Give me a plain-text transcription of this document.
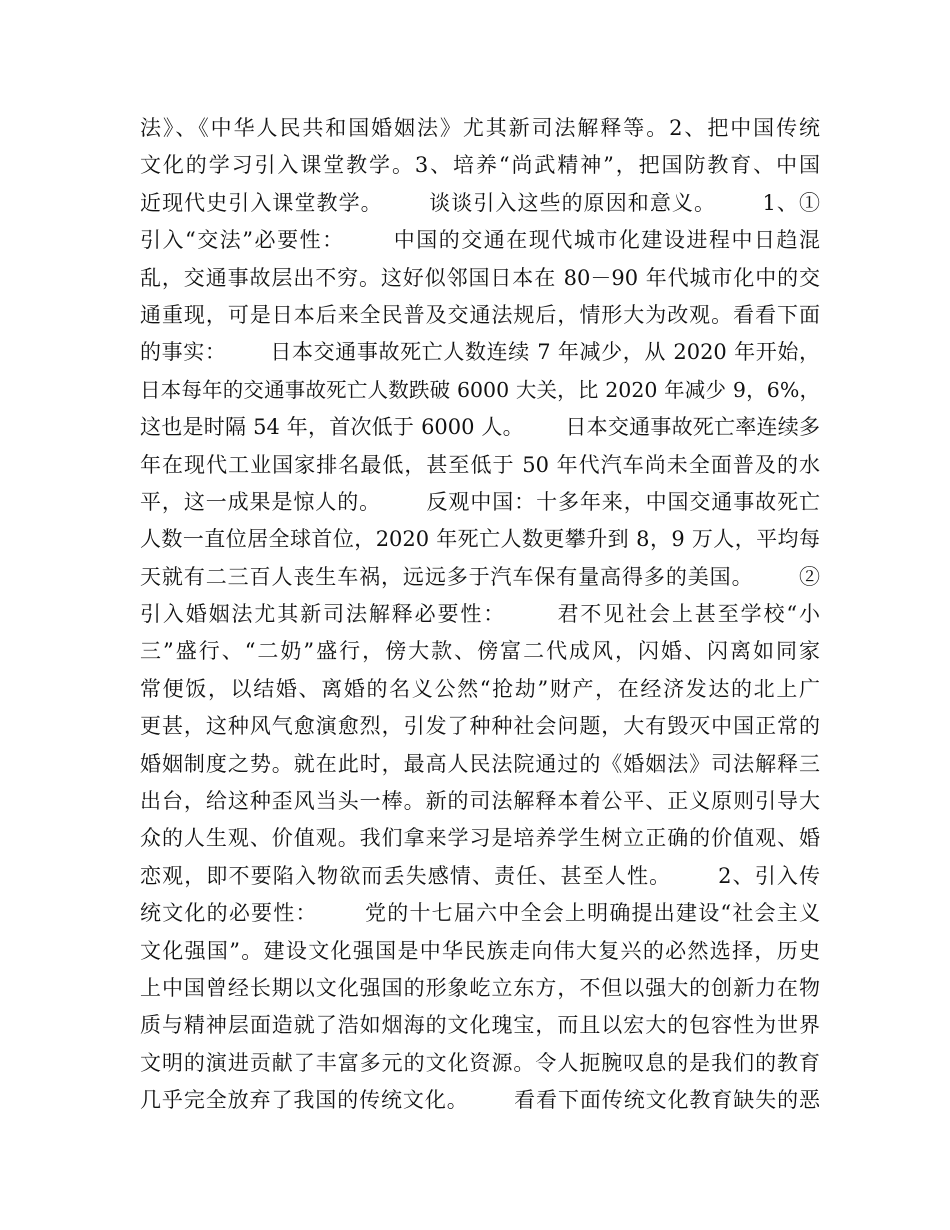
法》、《中华人民共和国婚姻法》尤其新司法解释等。2、把中国传统
文化的学习引入课堂教学。3、培养“尚武精神”，把国防教育、中国
近现代史引入课堂教学。      谈谈引入这些的原因和意义。      1、①
引入“交法”必要性：      中国的交通在现代城市化建设进程中日趋混
乱，交通事故层出不穷。这好似邻国日本在 80－90 年代城市化中的交
通重现，可是日本后来全民普及交通法规后，情形大为改观。看看下面
的事实：      日本交通事故死亡人数连续 7 年减少，从 2020 年开始，
日本每年的交通事故死亡人数跌破 6000 大关，比 2020 年减少 9，6%，
这也是时隔 54 年，首次低于 6000 人。      日本交通事故死亡率连续多
年在现代工业国家排名最低，甚至低于 50 年代汽车尚未全面普及的水
平，这一成果是惊人的。      反观中国：十多年来，中国交通事故死亡
人数一直位居全球首位，2020 年死亡人数更攀升到 8，9 万人，平均每
天就有二三百人丧生车祸，远远多于汽车保有量高得多的美国。      ②
引入婚姻法尤其新司法解释必要性：      君不见社会上甚至学校“小
三”盛行、“二奶”盛行，傍大款、傍富二代成风，闪婚、闪离如同家
常便饭，以结婚、离婚的名义公然“抢劫”财产，在经济发达的北上广
更甚，这种风气愈演愈烈，引发了种种社会问题，大有毁灭中国正常的
婚姻制度之势。就在此时，最高人民法院通过的《婚姻法》司法解释三
出台，给这种歪风当头一棒。新的司法解释本着公平、正义原则引导大
众的人生观、价值观。我们拿来学习是培养学生树立正确的价值观、婚
恋观，即不要陷入物欲而丢失感情、责任、甚至人性。      2、引入传
统文化的必要性：      党的十七届六中全会上明确提出建设“社会主义
文化强国”。建设文化强国是中华民族走向伟大复兴的必然选择，历史
上中国曾经长期以文化强国的形象屹立东方，不但以强大的创新力在物
质与精神层面造就了浩如烟海的文化瑰宝，而且以宏大的包容性为世界
文明的演进贡献了丰富多元的文化资源。令人扼腕叹息的是我们的教育
几乎完全放弃了我国的传统文化。      看看下面传统文化教育缺失的恶
